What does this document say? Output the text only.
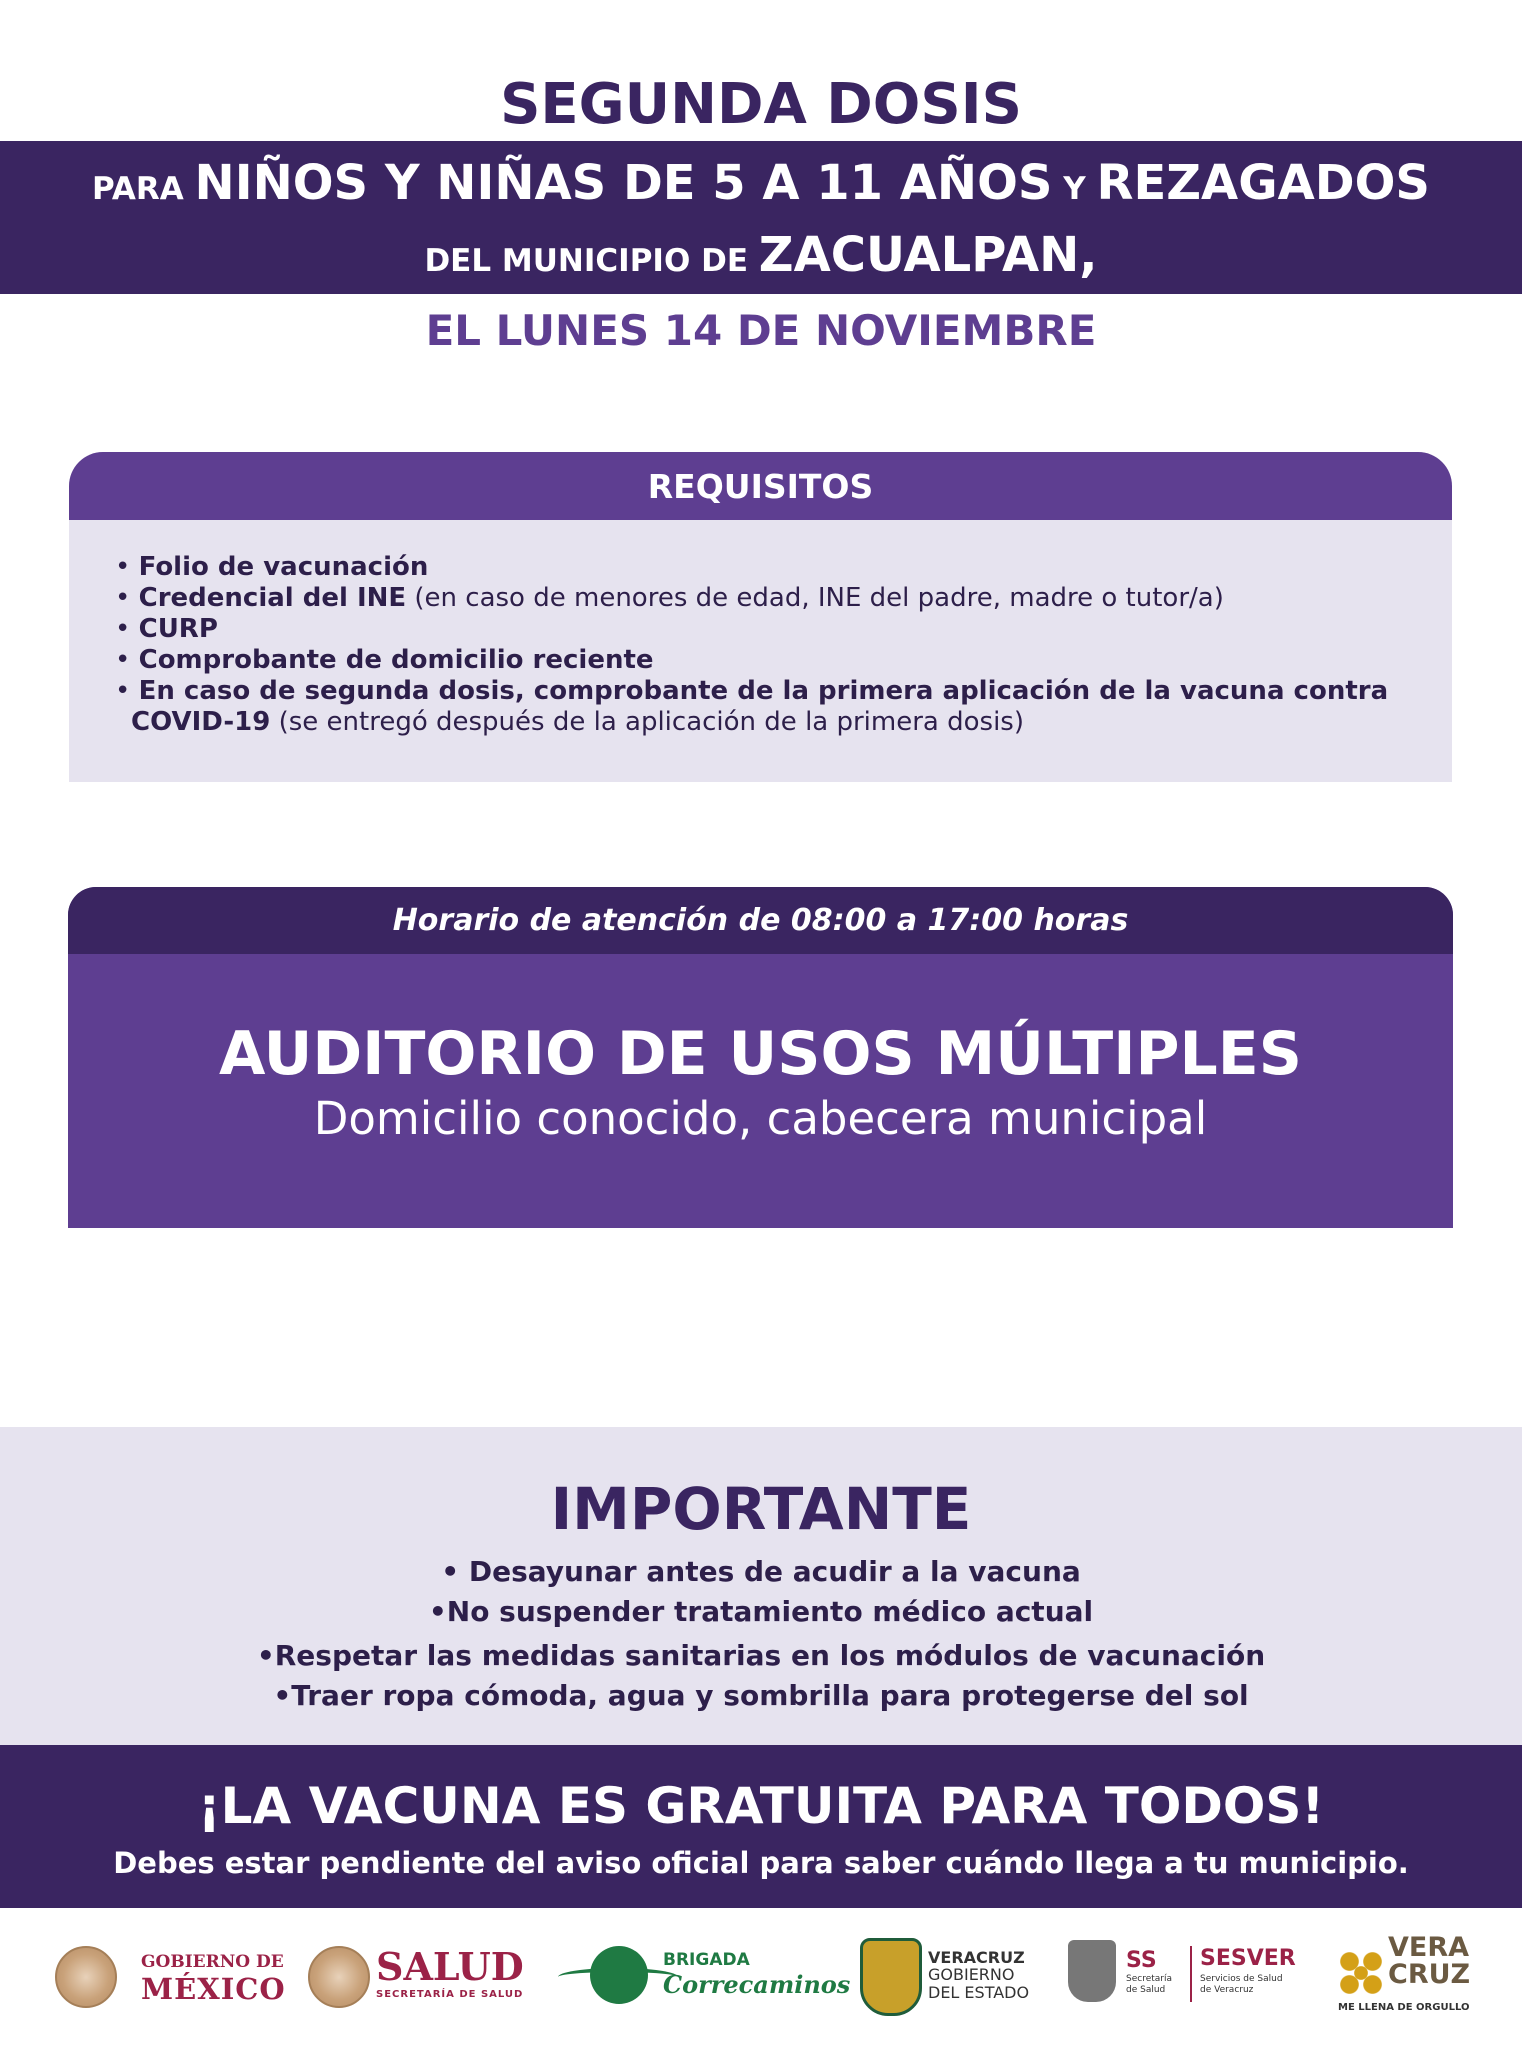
SEGUNDA DOSIS
PARA NIÑOS Y NIÑAS DE 5 A 11 AÑOS Y REZAGADOS
DEL MUNICIPIO DE ZACUALPAN,
EL LUNES 14 DE NOVIEMBRE
REQUISITOS
• Folio de vacunación
• Credencial del INE (en caso de menores de edad, INE del padre, madre o tutor/a)
• CURP
• Comprobante de domicilio reciente
• En caso de segunda dosis, comprobante de la primera aplicación de la vacuna contra
COVID-19 (se entregó después de la aplicación de la primera dosis)
Horario de atención de 08:00 a 17:00 horas
AUDITORIO DE USOS MÚLTIPLES
Domicilio conocido, cabecera municipal
IMPORTANTE
• Desayunar antes de acudir a la vacuna
•No suspender tratamiento médico actual
•Respetar las medidas sanitarias en los módulos de vacunación
•Traer ropa cómoda, agua y sombrilla para protegerse del sol
¡LA VACUNA ES GRATUITA PARA TODOS!
Debes estar pendiente del aviso oficial para saber cuándo llega a tu municipio.
GOBIERNO DE
MÉXICO SALUD
SECRETARÍA DE SALUD
BRIGADA
Correcaminos
VERACRUZ
GOBIERNO
DEL ESTADO
SS
Secretaría
de Salud
SESVER
Servicios de Salud
de Veracruz
VERA
CRUZ
ME LLENA DE ORGULLO
